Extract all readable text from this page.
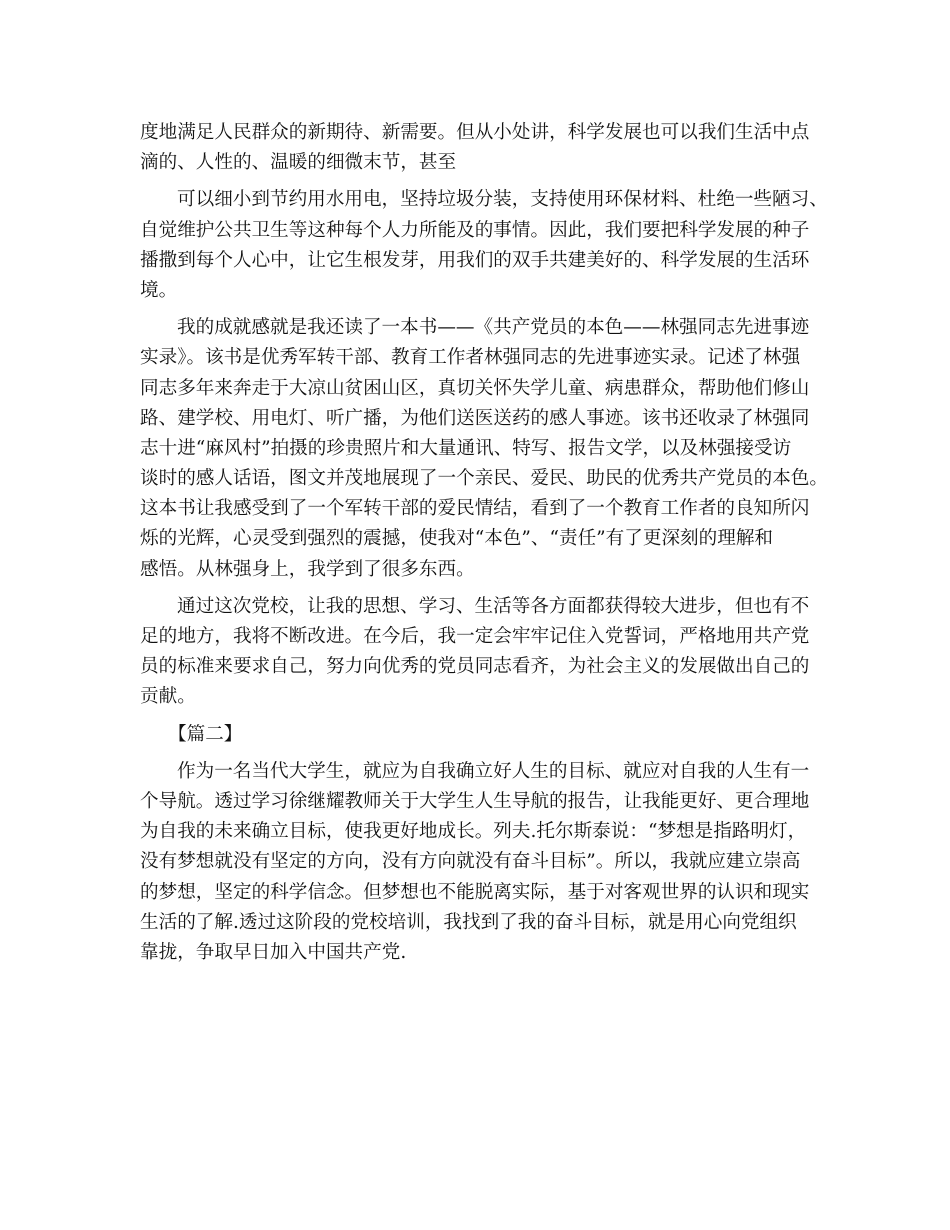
度地满足人民群众的新期待、新需要。但从小处讲，科学发展也可以我们生活中点
滴的、人性的、温暖的细微末节，甚至

可以细小到节约用水用电，坚持垃圾分装，支持使用环保材料、杜绝一些陋习、
自觉维护公共卫生等这种每个人力所能及的事情。因此，我们要把科学发展的种子
播撒到每个人心中，让它生根发芽，用我们的双手共建美好的、科学发展的生活环
境。

我的成就感就是我还读了一本书——《共产党员的本色——林强同志先进事迹
实录》。该书是优秀军转干部、教育工作者林强同志的先进事迹实录。记述了林强
同志多年来奔走于大凉山贫困山区，真切关怀失学儿童、病患群众，帮助他们修山
路、建学校、用电灯、听广播，为他们送医送药的感人事迹。该书还收录了林强同
志十进“麻风村”拍摄的珍贵照片和大量通讯、特写、报告文学，以及林强接受访
谈时的感人话语，图文并茂地展现了一个亲民、爱民、助民的优秀共产党员的本色。
这本书让我感受到了一个军转干部的爱民情结，看到了一个教育工作者的良知所闪
烁的光辉，心灵受到强烈的震撼，使我对“本色”、“责任”有了更深刻的理解和
感悟。从林强身上，我学到了很多东西。

通过这次党校，让我的思想、学习、生活等各方面都获得较大进步，但也有不
足的地方，我将不断改进。在今后，我一定会牢牢记住入党誓词，严格地用共产党
员的标准来要求自己，努力向优秀的党员同志看齐，为社会主义的发展做出自己的
贡献。

【篇二】

作为一名当代大学生，就应为自我确立好人生的目标、就应对自我的人生有一
个导航。透过学习徐继耀教师关于大学生人生导航的报告，让我能更好、更合理地
为自我的未来确立目标，使我更好地成长。列夫.托尔斯泰说：“梦想是指路明灯，
没有梦想就没有坚定的方向，没有方向就没有奋斗目标”。所以，我就应建立崇高
的梦想，坚定的科学信念。但梦想也不能脱离实际，基于对客观世界的认识和现实
生活的了解.透过这阶段的党校培训，我找到了我的奋斗目标，就是用心向党组织
靠拢，争取早日加入中国共产党.
